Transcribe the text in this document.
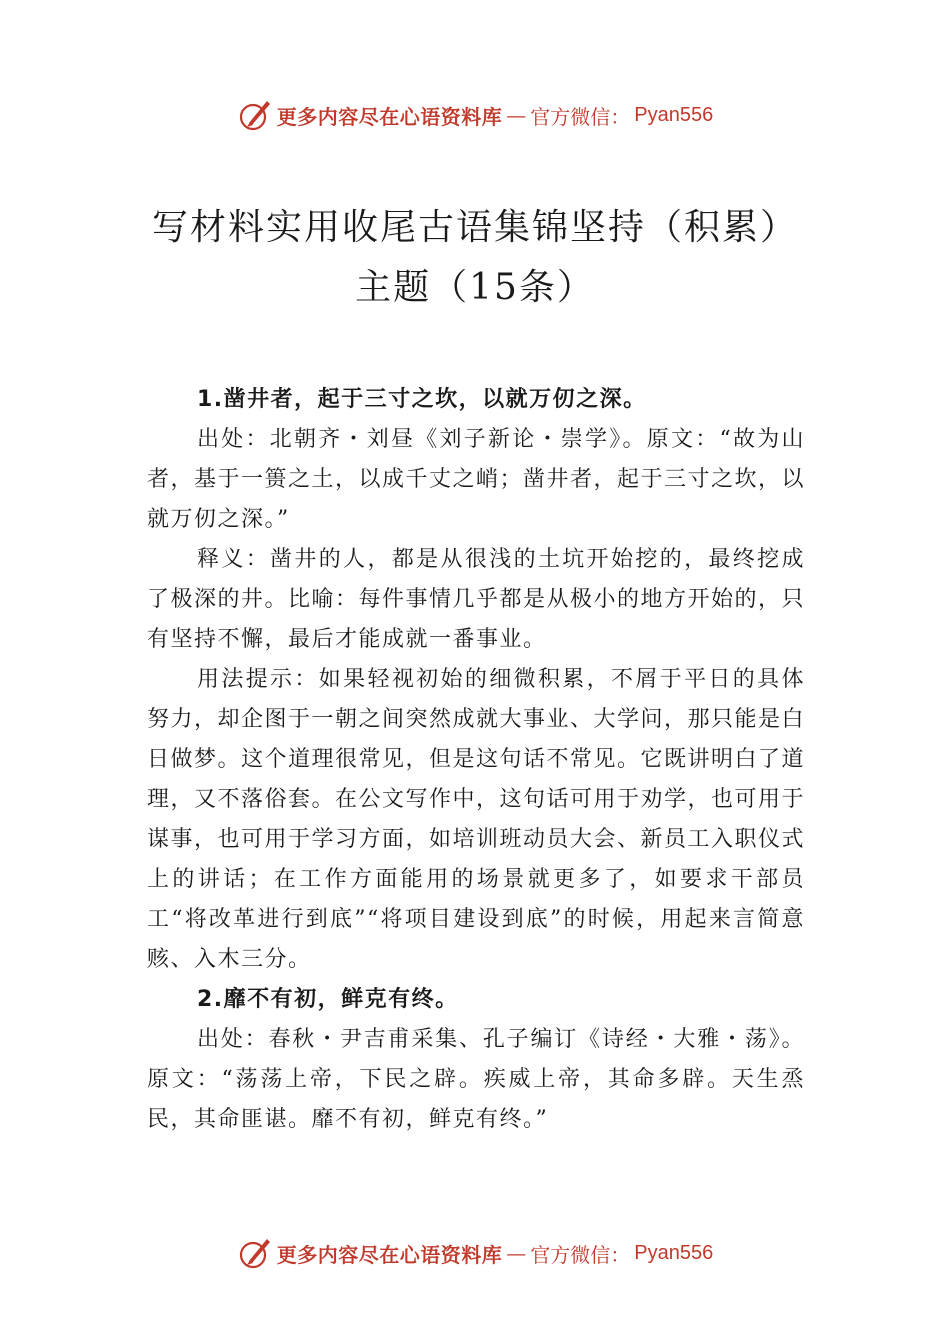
更多内容尽在心语资料库 — 官方微信： Pyan556
写材料实用收尾古语集锦坚持（积累）主题（15条）

1.凿井者，起于三寸之坎，以就万仞之深。

出处：北朝齐・刘昼《刘子新论・崇学》。原文：“故为山者，基于一篑之土，以成千丈之峭；凿井者，起于三寸之坎，以就万仞之深。”

释义：凿井的人，都是从很浅的土坑开始挖的，最终挖成了极深的井。比喻：每件事情几乎都是从极小的地方开始的，只有坚持不懈，最后才能成就一番事业。

用法提示：如果轻视初始的细微积累，不屑于平日的具体努力，却企图于一朝之间突然成就大事业、大学问，那只能是白日做梦。这个道理很常见，但是这句话不常见。它既讲明白了道理，又不落俗套。在公文写作中，这句话可用于劝学，也可用于谋事，也可用于学习方面，如培训班动员大会、新员工入职仪式上的讲话；在工作方面能用的场景就更多了，如要求干部员工“将改革进行到底”“将项目建设到底”的时候，用起来言简意赅、入木三分。

2.靡不有初，鲜克有终。

出处：春秋・尹吉甫采集、孔子编订《诗经・大雅・荡》。原文：“荡荡上帝，下民之辟。疾威上帝，其命多辟。天生烝民，其命匪谌。靡不有初，鲜克有终。”

更多内容尽在心语资料库 — 官方微信： Pyan556
